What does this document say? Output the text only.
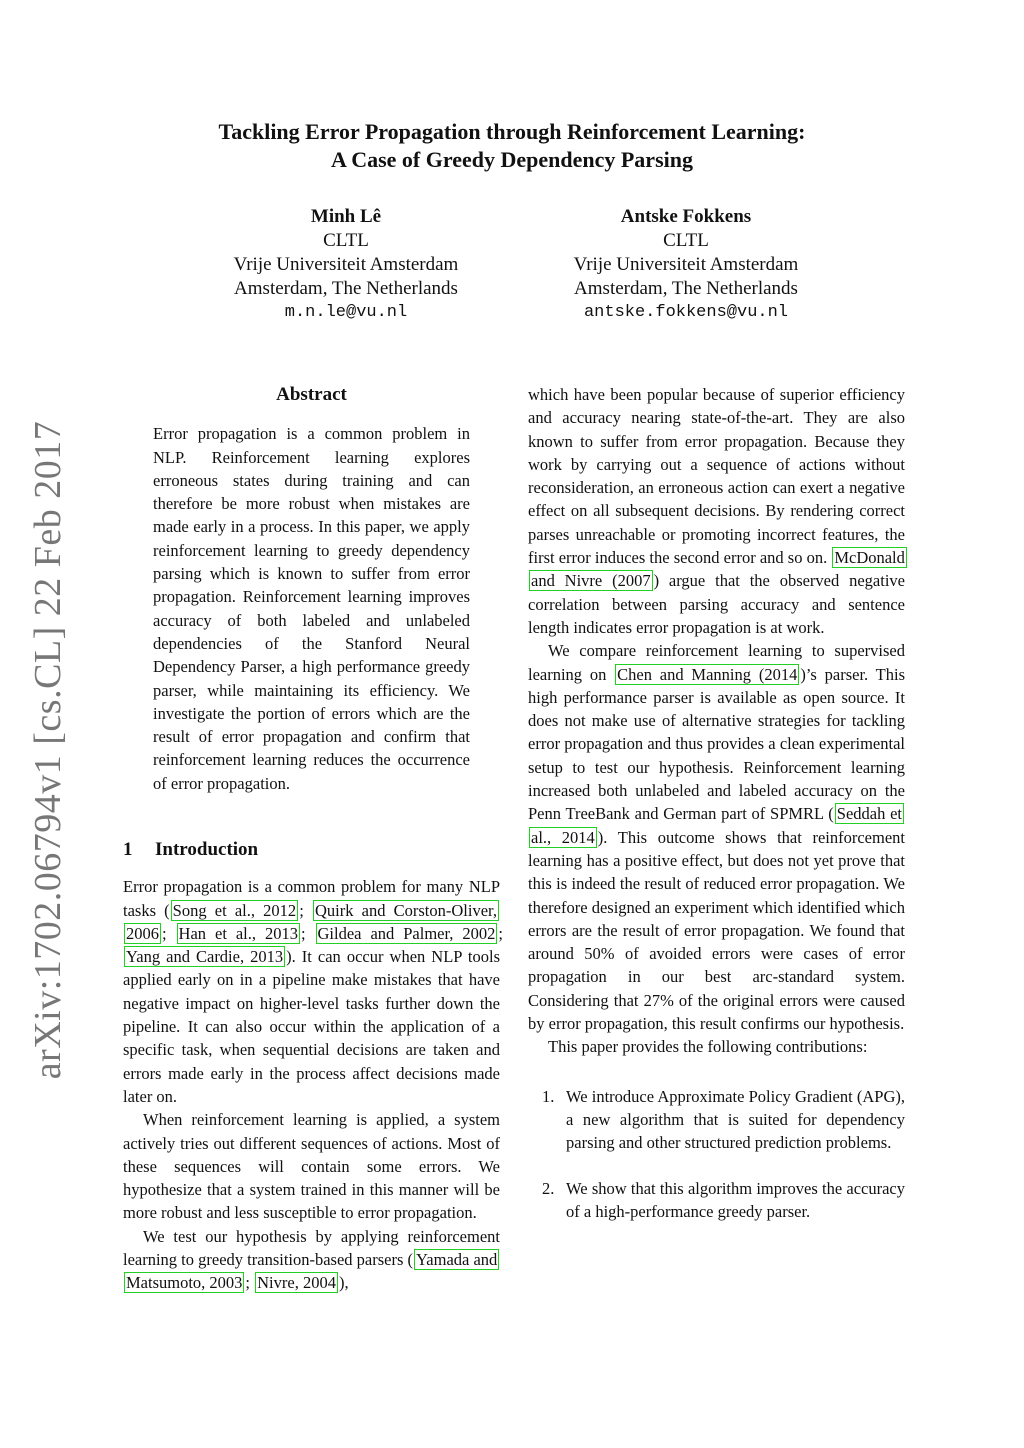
arXiv:1702.06794v1 [cs.CL] 22 Feb 2017
Tackling Error Propagation through Reinforcement Learning:
A Case of Greedy Dependency Parsing
Minh Lê
CLTL
Vrije Universiteit Amsterdam
Amsterdam, The Netherlands
m.n.le@vu.nl
Antske Fokkens
CLTL
Vrije Universiteit Amsterdam
Amsterdam, The Netherlands
antske.fokkens@vu.nl
Abstract

Error propagation is a common problem in NLP. Reinforcement learning explores erroneous states during training and can therefore be more robust when mistakes are made early in a process. In this paper, we apply reinforcement learning to greedy dependency parsing which is known to suffer from error propagation. Reinforcement learning improves accuracy of both labeled and unlabeled dependencies of the Stanford Neural Dependency Parser, a high performance greedy parser, while maintaining its efficiency. We investigate the portion of errors which are the result of error propagation and confirm that reinforcement learning reduces the occurrence of error propagation.

1 Introduction

Error propagation is a common problem for many NLP tasks ( Song et al., 2012 ; Quirk and Corston-Oliver, 2006 ; Han et al., 2013 ; Gildea and Palmer, 2002 ; Yang and Cardie, 2013 ). It can occur when NLP tools applied early on in a pipeline make mistakes that have negative impact on higher-level tasks further down the pipeline. It can also occur within the application of a specific task, when sequential decisions are taken and errors made early in the process affect decisions made later on.

When reinforcement learning is applied, a system actively tries out different sequences of actions. Most of these sequences will contain some errors. We hypothesize that a system trained in this manner will be more robust and less susceptible to error propagation.

We test our hypothesis by applying reinforcement learning to greedy transition-based parsers ( Yamada and Matsumoto, 2003 ; Nivre, 2004 ),

which have been popular because of superior efficiency and accuracy nearing state-of-the-art. They are also known to suffer from error propagation. Because they work by carrying out a sequence of actions without reconsideration, an erroneous action can exert a negative effect on all subsequent decisions. By rendering correct parses unreachable or promoting incorrect features, the first error induces the second error and so on. McDonald and Nivre (2007 ) argue that the observed negative correlation between parsing accuracy and sentence length indicates error propagation is at work.

We compare reinforcement learning to supervised learning on Chen and Manning (2014 )’s parser. This high performance parser is available as open source. It does not make use of alternative strategies for tackling error propagation and thus provides a clean experimental setup to test our hypothesis. Reinforcement learning increased both unlabeled and labeled accuracy on the Penn TreeBank and German part of SPMRL ( Seddah et al., 2014 ). This outcome shows that reinforcement learning has a positive effect, but does not yet prove that this is indeed the result of reduced error propagation. We therefore designed an experiment which identified which errors are the result of error propagation. We found that around 50% of avoided errors were cases of error propagation in our best arc-standard system. Considering that 27% of the original errors were caused by error propagation, this result confirms our hypothesis.

This paper provides the following contributions:

1. We introduce Approximate Policy Gradient (APG), a new algorithm that is suited for dependency parsing and other structured prediction problems.
2. We show that this algorithm improves the accuracy of a high-performance greedy parser.
